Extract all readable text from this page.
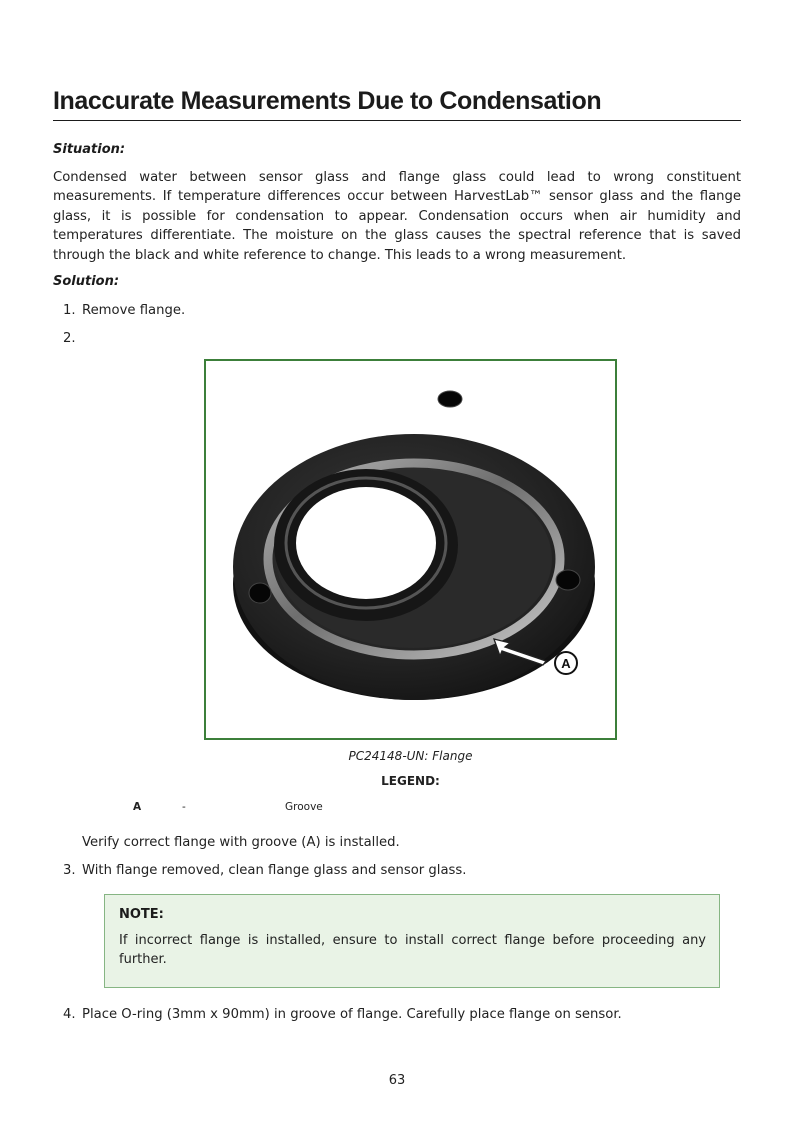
Inaccurate Measurements Due to Condensation
Situation:

Condensed water between sensor glass and flange glass could lead to wrong constituent measurements. If temperature differences occur between HarvestLab™ sensor glass and the flange glass, it is possible for condensation to appear. Condensation occurs when air humidity and temperatures differentiate. The moisture on the glass causes the spectral reference that is saved through the black and white reference to change. This leads to a wrong measurement.

Solution:
1. Remove flange.
2.
A
PC24148-UN: Flange
LEGEND:
A	-	Groove
Verify correct flange with groove (A) is installed.
3. With flange removed, clean flange glass and sensor glass.
NOTE:

If incorrect flange is installed, ensure to install correct flange before proceeding any further.

4. Place O-ring (3mm x 90mm) in groove of flange. Carefully place flange on sensor.
63
